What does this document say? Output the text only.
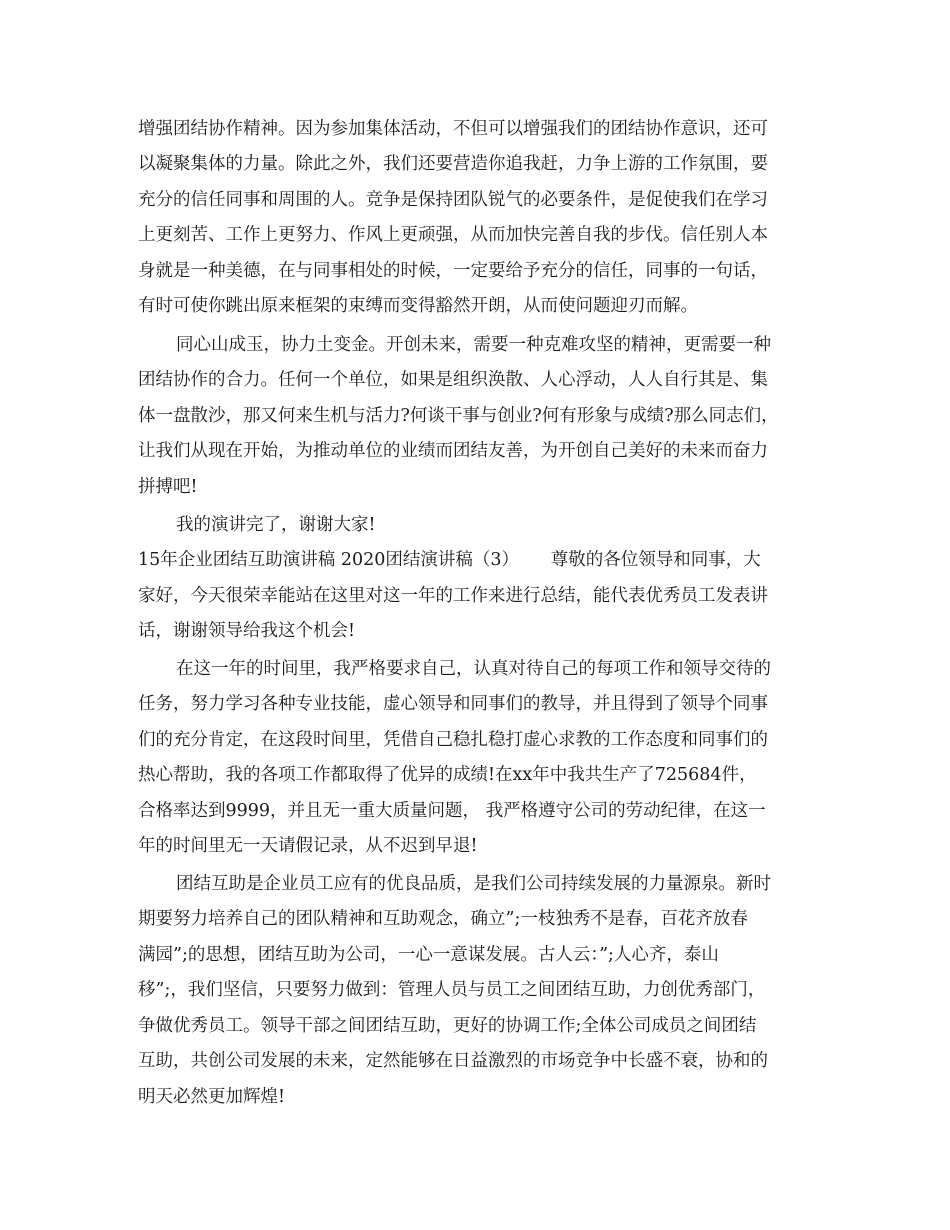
增强团结协作精神。因为参加集体活动，不但可以增强我们的团结协作意识，还可
以凝聚集体的力量。除此之外，我们还要营造你追我赶，力争上游的工作氛围，要
充分的信任同事和周围的人。竞争是保持团队锐气的必要条件，是促使我们在学习
上更刻苦、工作上更努力、作风上更顽强，从而加快完善自我的步伐。信任别人本
身就是一种美德，在与同事相处的时候，一定要给予充分的信任，同事的一句话，
有时可使你跳出原来框架的束缚而变得豁然开朗，从而使问题迎刃而解。
同心山成玉，协力土变金。开创未来，需要一种克难攻坚的精神，更需要一种
团结协作的合力。任何一个单位，如果是组织涣散、人心浮动，人人自行其是、集
体一盘散沙，那又何来生机与活力?何谈干事与创业?何有形象与成绩?那么同志们，
让我们从现在开始，为推动单位的业绩而团结友善，为开创自己美好的未来而奋力
拼搏吧!
我的演讲完了，谢谢大家!
15年企业团结互助演讲稿 2020团结演讲稿（3）　　 尊敬的各位领导和同事，大
家好，今天很荣幸能站在这里对这一年的工作来进行总结，能代表优秀员工发表讲
话，谢谢领导给我这个机会!
在这一年的时间里，我严格要求自己，认真对待自己的每项工作和领导交待的
任务，努力学习各种专业技能，虚心领导和同事们的教导，并且得到了领导个同事
们的充分肯定，在这段时间里，凭借自己稳扎稳打虚心求教的工作态度和同事们的
热心帮助，我的各项工作都取得了优异的成绩!在xx年中我共生产了725684件，
合格率达到9999，并且无一重大质量问题， 我严格遵守公司的劳动纪律，在这一
年的时间里无一天请假记录，从不迟到早退!
团结互助是企业员工应有的优良品质，是我们公司持续发展的力量源泉。新时
期要努力培养自己的团队精神和互助观念，确立”;一枝独秀不是春，百花齐放春
满园”;的思想，团结互助为公司，一心一意谋发展。古人云：”;人心齐，泰山
移”;，我们坚信，只要努力做到：管理人员与员工之间团结互助，力创优秀部门，
争做优秀员工。领导干部之间团结互助，更好的协调工作;全体公司成员之间团结
互助，共创公司发展的未来，定然能够在日益激烈的市场竞争中长盛不衰，协和的
明天必然更加辉煌!
